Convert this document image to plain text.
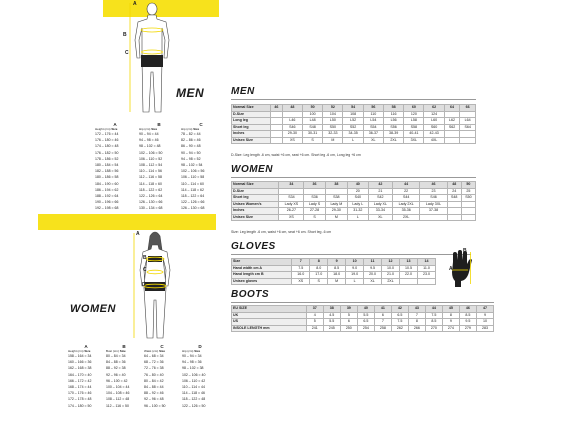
A
B
C
A
B
C
D
MEN
WOMEN
MEN
WOMEN
GLOVES
BOOTS
A
Height (cm) Size
172 – 176 = 44
176 – 180 = 46
174 – 180 = 48
176 – 182 = 50
178 – 186 = 52
180 – 184 = 54
182 – 188 = 56
180 – 186 = 58
184 – 190 = 60
186 – 194 = 62
188 – 192 = 64
190 – 196 = 66
192 – 198 = 68
B
Hip (cm) Size
90 – 94 = 44
94 – 98 = 46
98 – 102 = 48
102 – 106 = 50
106 – 110 = 52
108 – 112 = 54
110 – 114 = 56
112 – 116 = 58
114 – 118 = 60
118 – 122 = 62
122 – 126 = 64
126 – 130 = 66
130 – 134 = 68
C
Hip (cm) Size
78 – 82 = 44
82 – 86 = 46
86 – 90 = 48
90 – 94 = 50
94 – 98 = 52
98 – 102 = 54
102 – 106 = 56
106 – 110 = 58
110 – 114 = 60
114 – 118 = 62
118 – 122 = 64
122 – 126 = 66
126 – 130 = 68
A
Height (cm) Size
158 – 164 = 34
160 – 166 = 36
162 – 168 = 38
164 – 170 = 40
166 – 172 = 42
168 – 174 = 44
170 – 176 = 46
172 – 178 = 48
174 – 180 = 50
B
Bust (cm) Size
80 – 84 = 34
84 – 88 = 36
88 – 92 = 38
92 – 96 = 40
96 – 100 = 42
100 – 104 = 44
104 – 108 = 46
108 – 112 = 48
112 – 116 = 50
C
Waist (cm) Size
64 – 68 = 34
68 – 72 = 36
72 – 76 = 38
76 – 80 = 40
80 – 84 = 42
84 – 88 = 44
88 – 92 = 46
92 – 96 = 48
96 – 100 = 50
D
Hip (cm) Size
90 – 94 = 34
94 – 98 = 36
98 – 102 = 38
102 – 106 = 40
106 – 110 = 42
110 – 114 = 44
114 – 118 = 46
118 – 122 = 48
122 – 126 = 50
Normal Size	46	48	50	52	54	56	58	60	62	64	66
D-Size			100	104	108	110	116	120	124		
Long leg		L46	L48	L50	L52	L54	L56	L58	L60	L62	L64
Short leg		S46	S48	S50	S52	S54	S56	S58	S60	S62	S64
Inches		29-30	30-31	32-33	34-35	36-37	38-39	40-41	42-43		
Unisex Size		XS	S	M	L	XL	2XL	3XL	4XL		
D-Size: Leg length -6 cm, waist +6 cm, seat +6 cm. Short leg -6 cm, Long leg +6 cm
Normal Size	34	36	38	40	42	44	46	48	50
D-Size				20	21	22	23	24	25
Short leg	S34	S36	S38	S40	S42	S44	S46	S48	S50
Unisex Women's	Lady XS	Lady S	Lady M	Lady L	Lady XL	Lady 2XL	Lady 3XL		
Inches	26-27	27-28	29-30	31-32	33-34	35-36	37-38		
Unisex Size	XS	S	M	L	XL	2XL			
Size: Leg length -6 cm, waist +6 cm, seat +6 cm. Short leg -6 cm
Size	7	8	9	10	11	12	13	14
Hand width cm A	7.5	8.0	8.5	9.0	9.5	10.0	10.5	11.0
Hand length cm B	16.0	17.0	18.0	19.0	20.0	21.0	22.0	23.0
Unisex gloves	XS	S	M	L	XL	2XL		
A
B
EU SIZE	37	38	39	40	41	42	43	44	45	46	47
UK	4	4.5	5	5.5	6	6.5	7	7.5	8	8.5	9
US	5	5.5	6	6.5	7	7.5	8	8.5	9	9.5	10
INSOLE LENGTH mm	241	245	250	254	258	262	266	270	274	279	283
